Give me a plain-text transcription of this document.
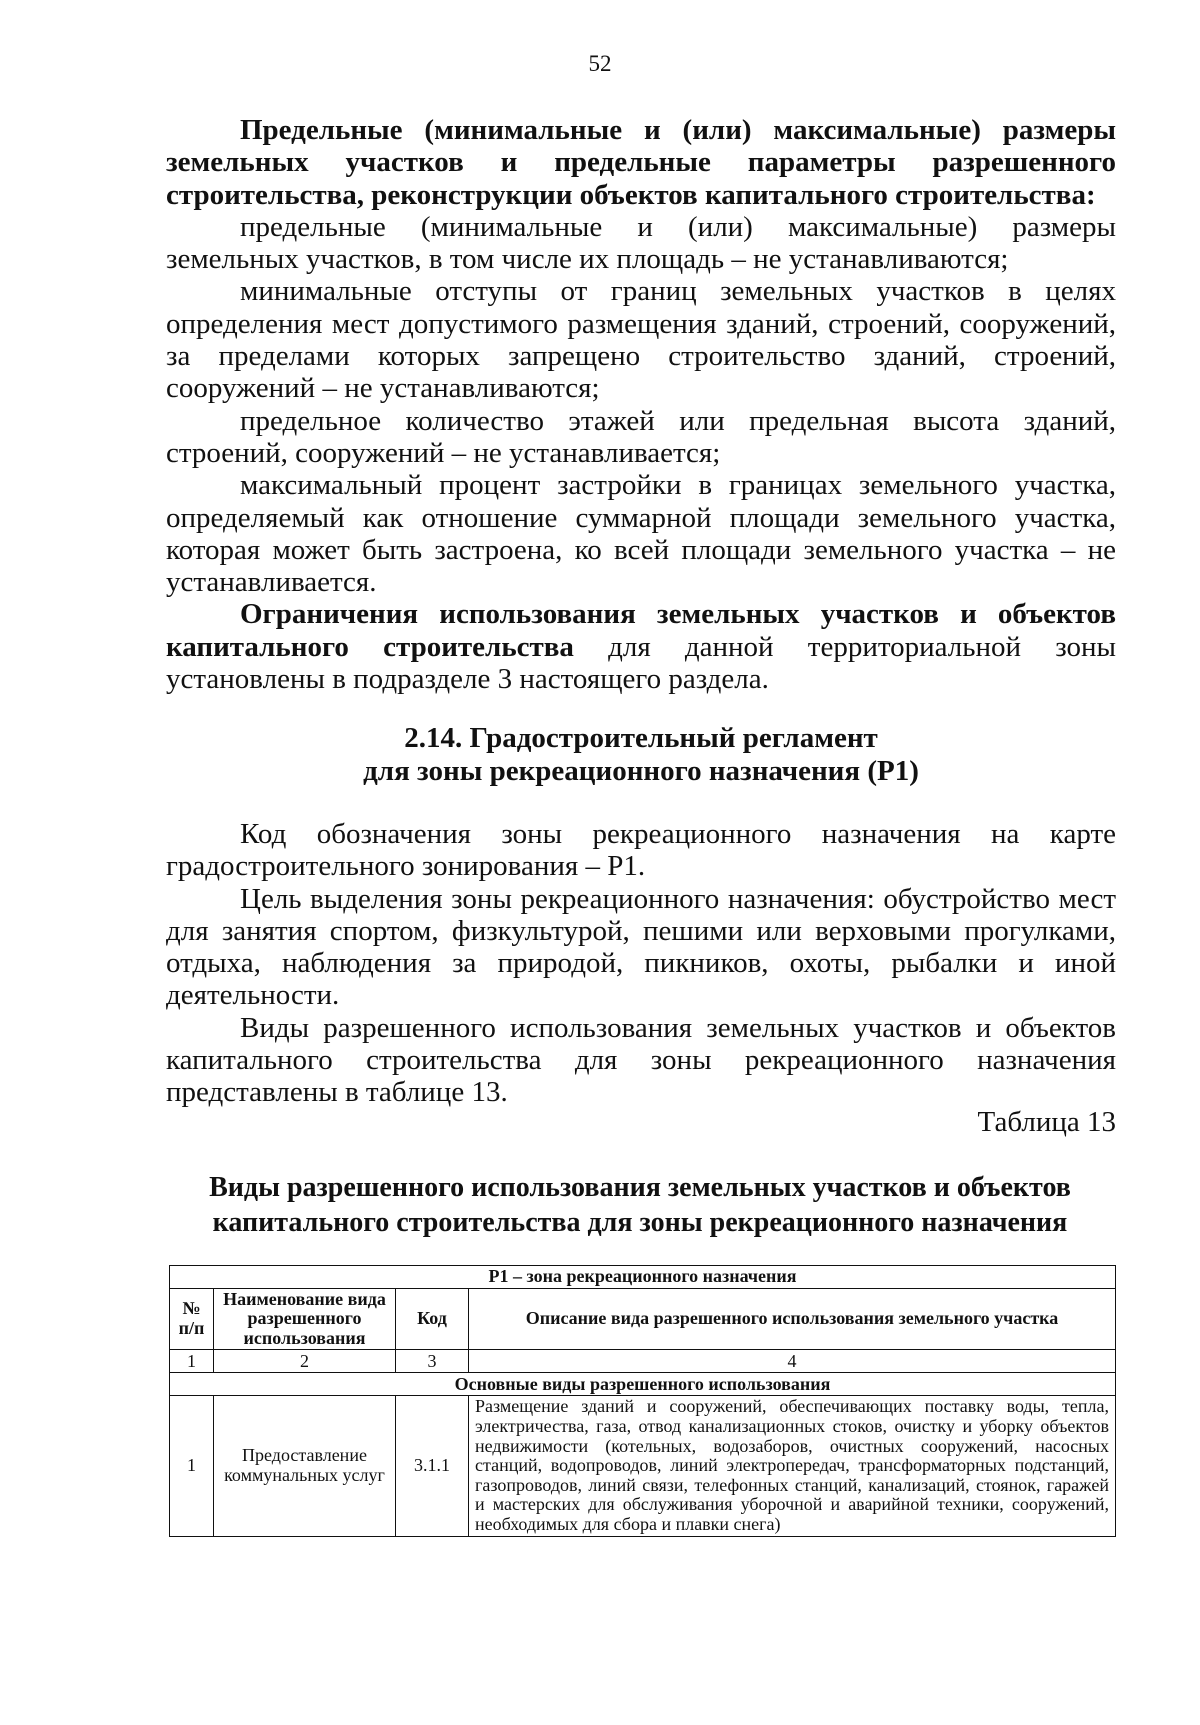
52

Предельные (минимальные и (или) максимальные) размеры земельных участков и предельные параметры разрешенного строительства, реконструкции объектов капитального строительства:

предельные (минимальные и (или) максимальные) размеры земельных участков, в том числе их площадь – не устанавливаются;

минимальные отступы от границ земельных участков в целях определения мест допустимого размещения зданий, строений, сооружений, за пределами которых запрещено строительство зданий, строений, сооружений – не устанавливаются;

предельное количество этажей или предельная высота зданий, строений, сооружений – не устанавливается;

максимальный процент застройки в границах земельного участка, определяемый как отношение суммарной площади земельного участка, которая может быть застроена, ко всей площади земельного участка – не устанавливается.

Ограничения использования земельных участков и объектов капитального строительства для данной территориальной зоны установлены в подразделе 3 настоящего раздела.

2.14. Градостроительный регламент
для зоны рекреационного назначения (Р1)

Код обозначения зоны рекреационного назначения на карте градостроительного зонирования – Р1.

Цель выделения зоны рекреационного назначения: обустройство мест для занятия спортом, физкультурой, пешими или верховыми прогулками, отдыха, наблюдения за природой, пикников, охоты, рыбалки и иной деятельности.

Виды разрешенного использования земельных участков и объектов капитального строительства для зоны рекреационного назначения представлены в таблице 13.

Таблица 13
Виды разрешенного использования земельных участков и объектов
капитального строительства для зоны рекреационного назначения
Р1 – зона рекреационного назначения			
№ п/п	Наименование вида разрешенного использования	Код	Описание вида разрешенного использования земельного участка
1	2	3	4
Основные виды разрешенного использования			
1	Предоставление коммунальных услуг	3.1.1	Размещение зданий и сооружений, обеспечивающих поставку воды, тепла, электричества, газа, отвод канализационных стоков, очистку и уборку объектов недвижимости (котельных, водозаборов, очистных сооружений, насосных станций, водопроводов, линий электропередач, трансформаторных подстанций, газопроводов, линий связи, телефонных станций, канализаций, стоянок, гаражей и мастерских для обслуживания уборочной и аварийной техники, сооружений, необходимых для сбора и плавки снега)
